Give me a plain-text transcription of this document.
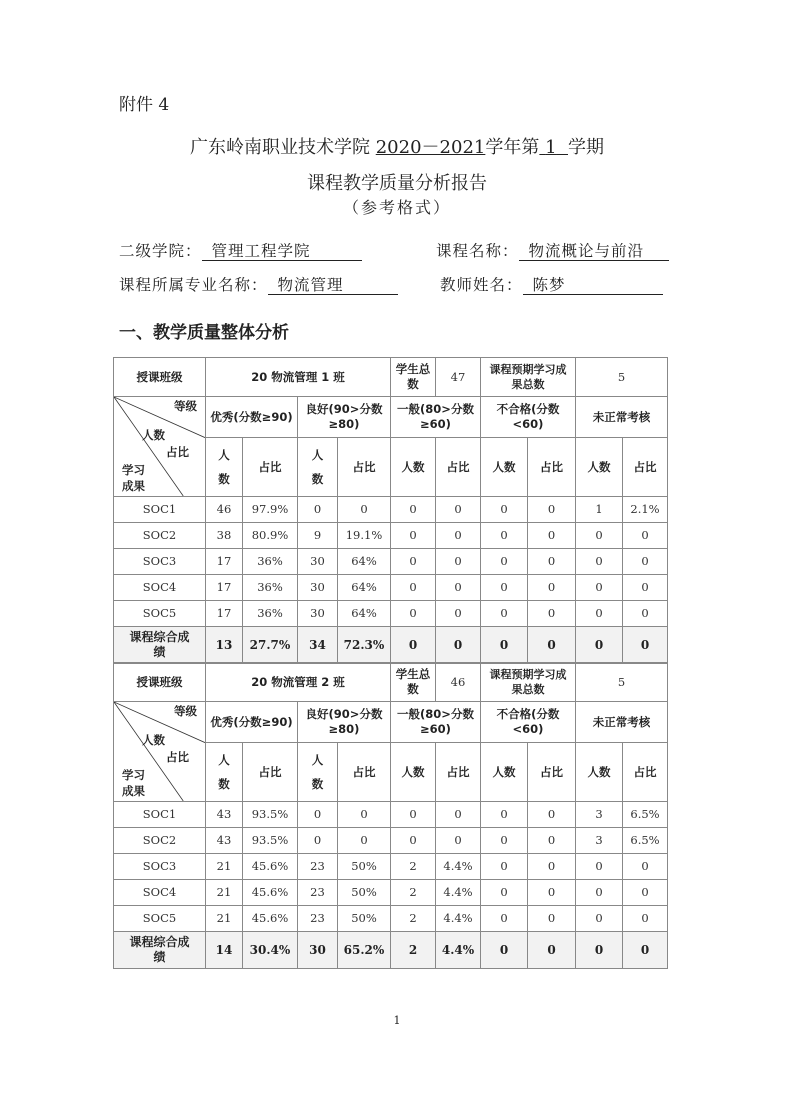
附件 4
广东岭南职业技术学院 2020－2021学年第 1 学期
课程教学质量分析报告
（参考格式）
二级学院： 管理工程学院	课程名称： 物流概论与前沿
课程所属专业名称： 物流管理	教师姓名： 陈梦
一、教学质量整体分析
授课班级	20 物流管理 1 班				学生总数	47	课程预期学习成果总数		5	

等级
人数
占比
学习
成果	优秀(分数≥90)		良好(90>分数≥80)		一般(80>分数≥60)		不合格(分数<60)		未正常考核	
	人数	占比	人数	占比	人数	占比	人数	占比	人数	占比
SOC1	46	97.9%	0	0	0	0	0	0	1	2.1%
SOC2	38	80.9%	9	19.1%	0	0	0	0	0	0
SOC3	17	36%	30	64%	0	0	0	0	0	0
SOC4	17	36%	30	64%	0	0	0	0	0	0
SOC5	17	36%	30	64%	0	0	0	0	0	0
课程综合成绩	13	27.7%	34	72.3%	0	0	0	0	0	0
授课班级	20 物流管理 2 班				学生总数	46	课程预期学习成果总数		5	

等级
人数
占比
学习
成果	优秀(分数≥90)		良好(90>分数≥80)		一般(80>分数≥60)		不合格(分数<60)		未正常考核	
	人数	占比	人数	占比	人数	占比	人数	占比	人数	占比
SOC1	43	93.5%	0	0	0	0	0	0	3	6.5%
SOC2	43	93.5%	0	0	0	0	0	0	3	6.5%
SOC3	21	45.6%	23	50%	2	4.4%	0	0	0	0
SOC4	21	45.6%	23	50%	2	4.4%	0	0	0	0
SOC5	21	45.6%	23	50%	2	4.4%	0	0	0	0
课程综合成绩	14	30.4%	30	65.2%	2	4.4%	0	0	0	0
1
